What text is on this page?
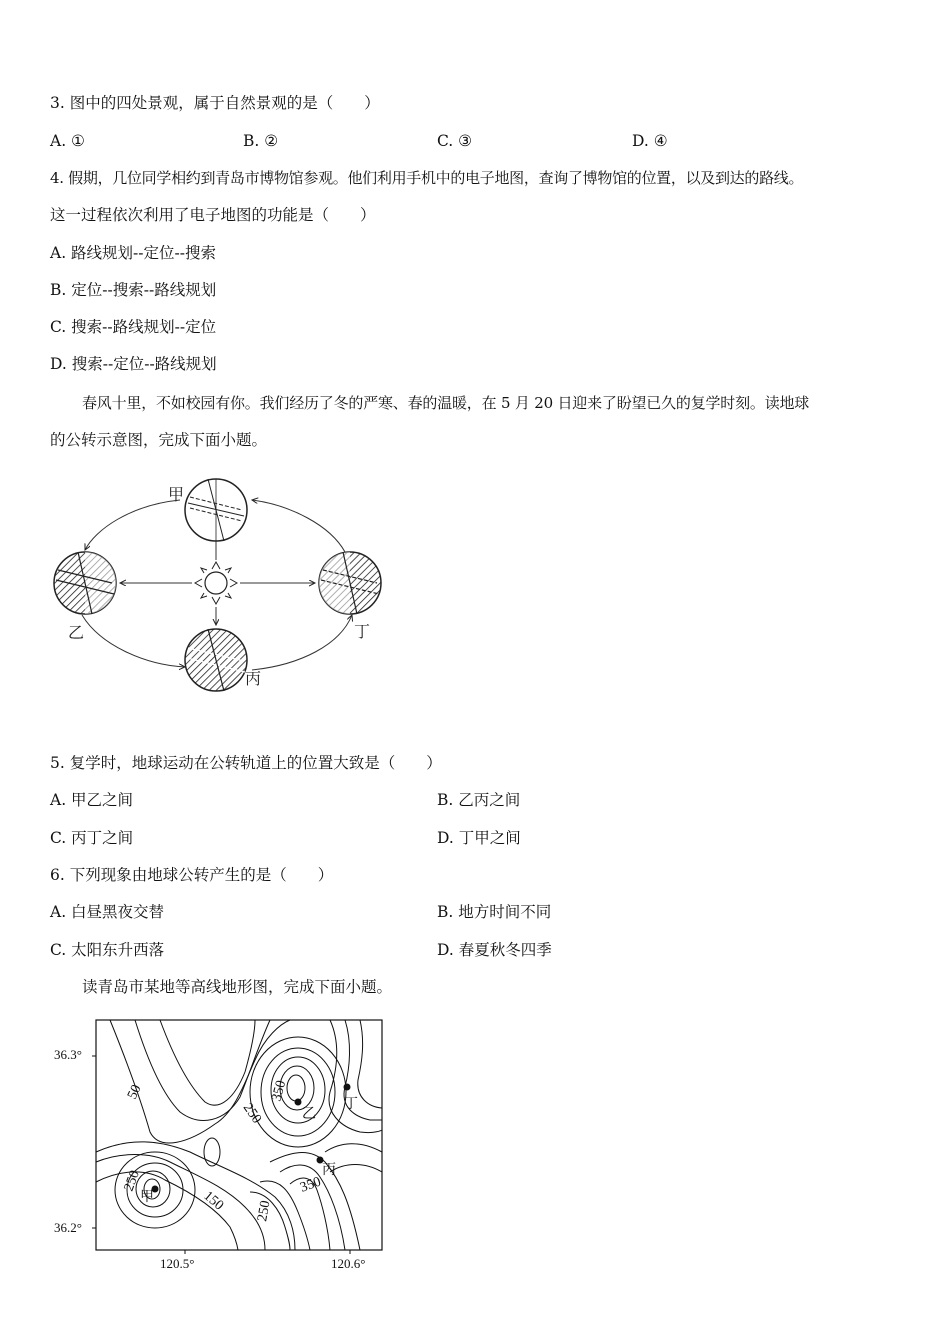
3. 图中的四处景观，属于自然景观的是（　　）
A. ①	B. ②	C. ③	D. ④
4. 假期，几位同学相约到青岛市博物馆参观。他们利用手机中的电子地图，查询了博物馆的位置，以及到达的路线。
这一过程依次利用了电子地图的功能是（　　）
A. 路线规划--定位--搜索
B. 定位--搜索--路线规划
C. 搜索--路线规划--定位
D. 搜索--定位--路线规划
春风十里，不如校园有你。我们经历了冬的严寒、春的温暖，在 5 月 20 日迎来了盼望已久的复学时刻。读地球
的公转示意图，完成下面小题。
甲
乙
丙
丁
5. 复学时，地球运动在公转轨道上的位置大致是（　　）
A. 甲乙之间	B. 乙丙之间
C. 丙丁之间	D. 丁甲之间
6. 下列现象由地球公转产生的是（　　）
A. 白昼黑夜交替	B. 地方时间不同
C. 太阳东升西落	D. 春夏秋冬四季
读青岛市某地等高线地形图，完成下面小题。
36.3°
36.2°
120.5°	120.6°
50
250
150
250
350
250
350
甲
乙
丙
丁
